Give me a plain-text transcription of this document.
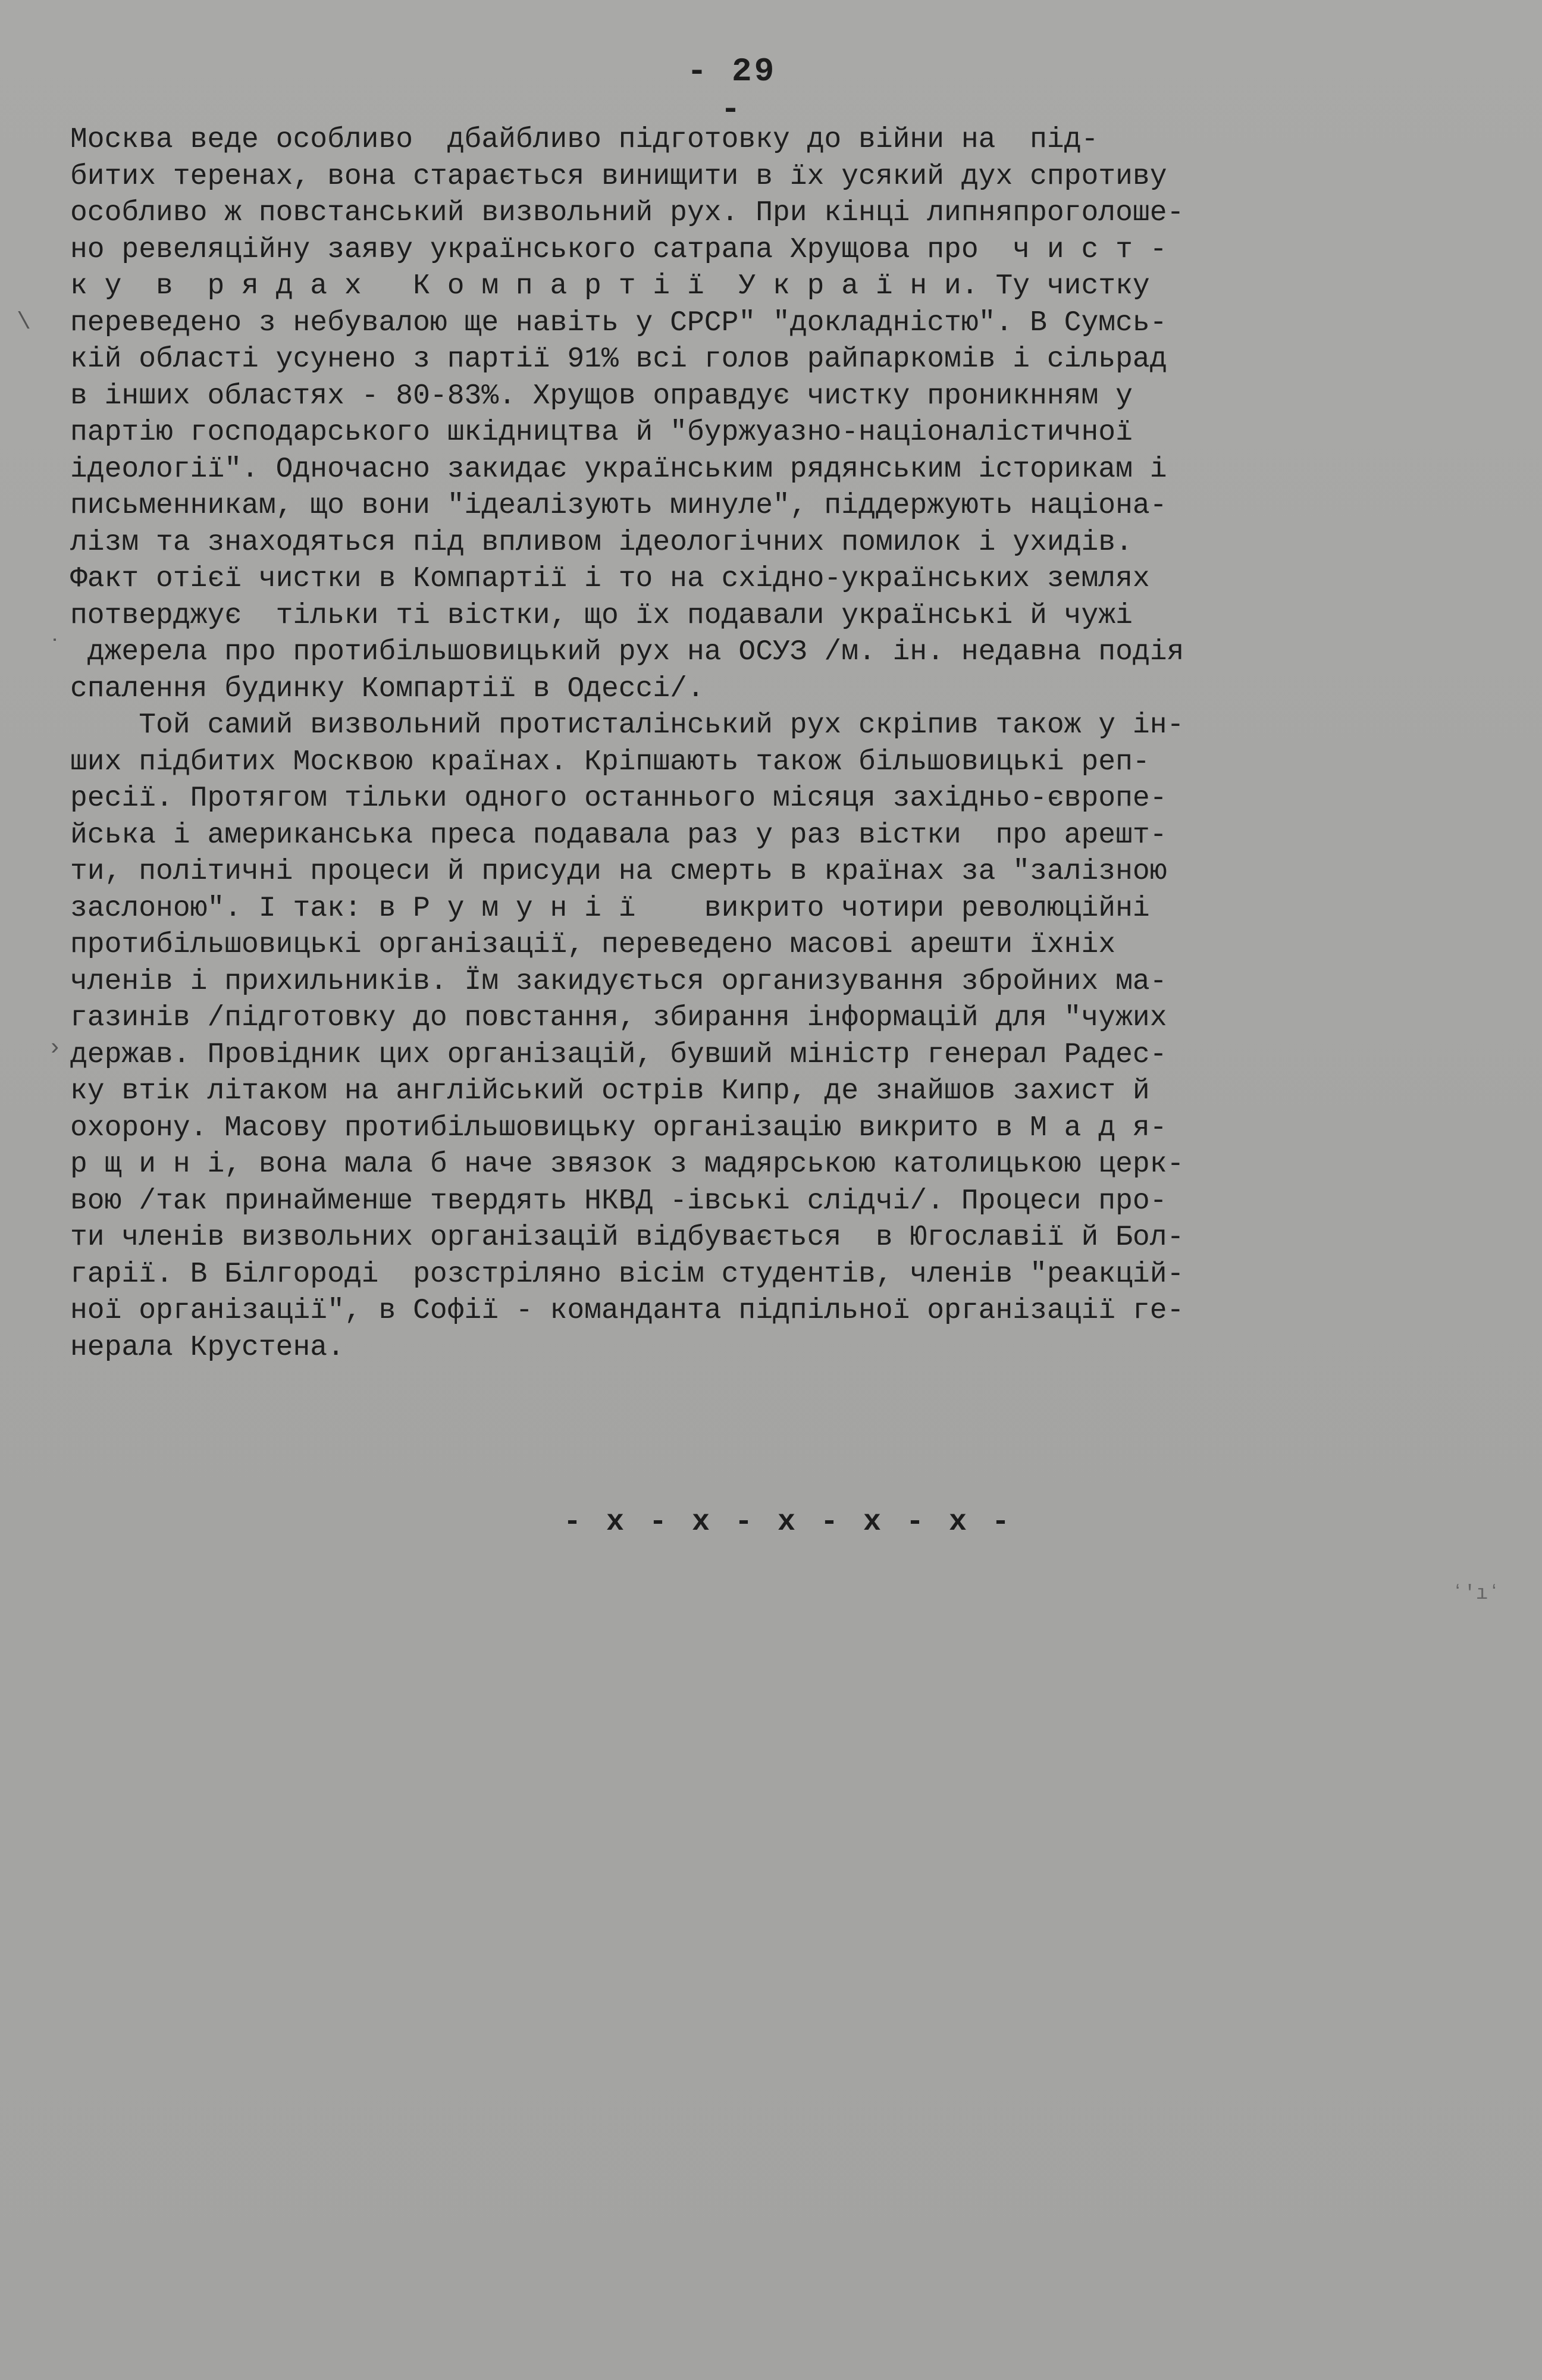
- 29 -
\
˙
›
Москва веде особливо  дбайбливо підготовку до війни на  під-
битих теренах, вона старається винищити в їх усякий дух спротиву
особливо ж повстанський визвольний рух. При кінці липняпроголоше-
но ревеляційну заяву українського сатрапа Хрущова про  ч и с т -
к у  в  р я д а х   К о м п а р т і ї  У к р а ї н и. Ту чистку
переведено з небувалою ще навіть у СРСР" "докладністю". В Сумсь-
кій області усунено з партії 91% всі голов райпаркомів і сільрад
в інших областях - 80-83%. Хрущов оправдує чистку проникнням у
партію господарського шкідництва й "буржуазно-націоналістичної
ідеології". Одночасно закидає українським рядянським історикам і
письменникам, що вони "ідеалізують минуле", піддержують націона-
лізм та знаходяться під впливом ідеологічних помилок і ухидів.
Факт отієї чистки в Компартії і то на східно-українських землях
потверджує  тільки ті вістки, що їх подавали українські й чужі
джерела про протибільшовицький рух на ОСУЗ /м. ін. недавна подія
спалення будинку Компартії в Одессі/.
Той самий визвольний протисталінський рух скріпив також у ін-
ших підбитих Москвою країнах. Кріпшають також більшовицькі реп-
ресії. Протягом тільки одного останнього місяця західньо-європе-
йська і американська преса подавала раз у раз вістки  про арешт-
ти, політичні процеси й присуди на смерть в країнах за "залізною
заслоною". І так: в Р у м у н і ї    викрито чотири революційні
протибільшовицькі організації, переведено масові арешти їхніх
членів і прихильників. Їм закидується организування збройних ма-
газинів /підготовку до повстання, збирання інформацій для "чужих
держав. Провідник цих організацій, бувший міністр генерал Радес-
ку втік літаком на англійський острів Кипр, де знайшов захист й
охорону. Масову протибільшовицьку організацію викрито в М а д я-
р щ и н і, вона мала б наче звязок з мадярською католицькою церк-
вою /так принайменше твердять НКВД -івські слідчі/. Процеси про-
ти членів визвольних організацій відбувається  в Югославії й Бол-
гарії. В Білгороді  розстріляно вісім студентів, членів "реакцій-
ної організації", в Софії - команданта підпільної організації ге-
нерала Крустена.
- x - x - x - x - x -
ʻ'ıʻ
